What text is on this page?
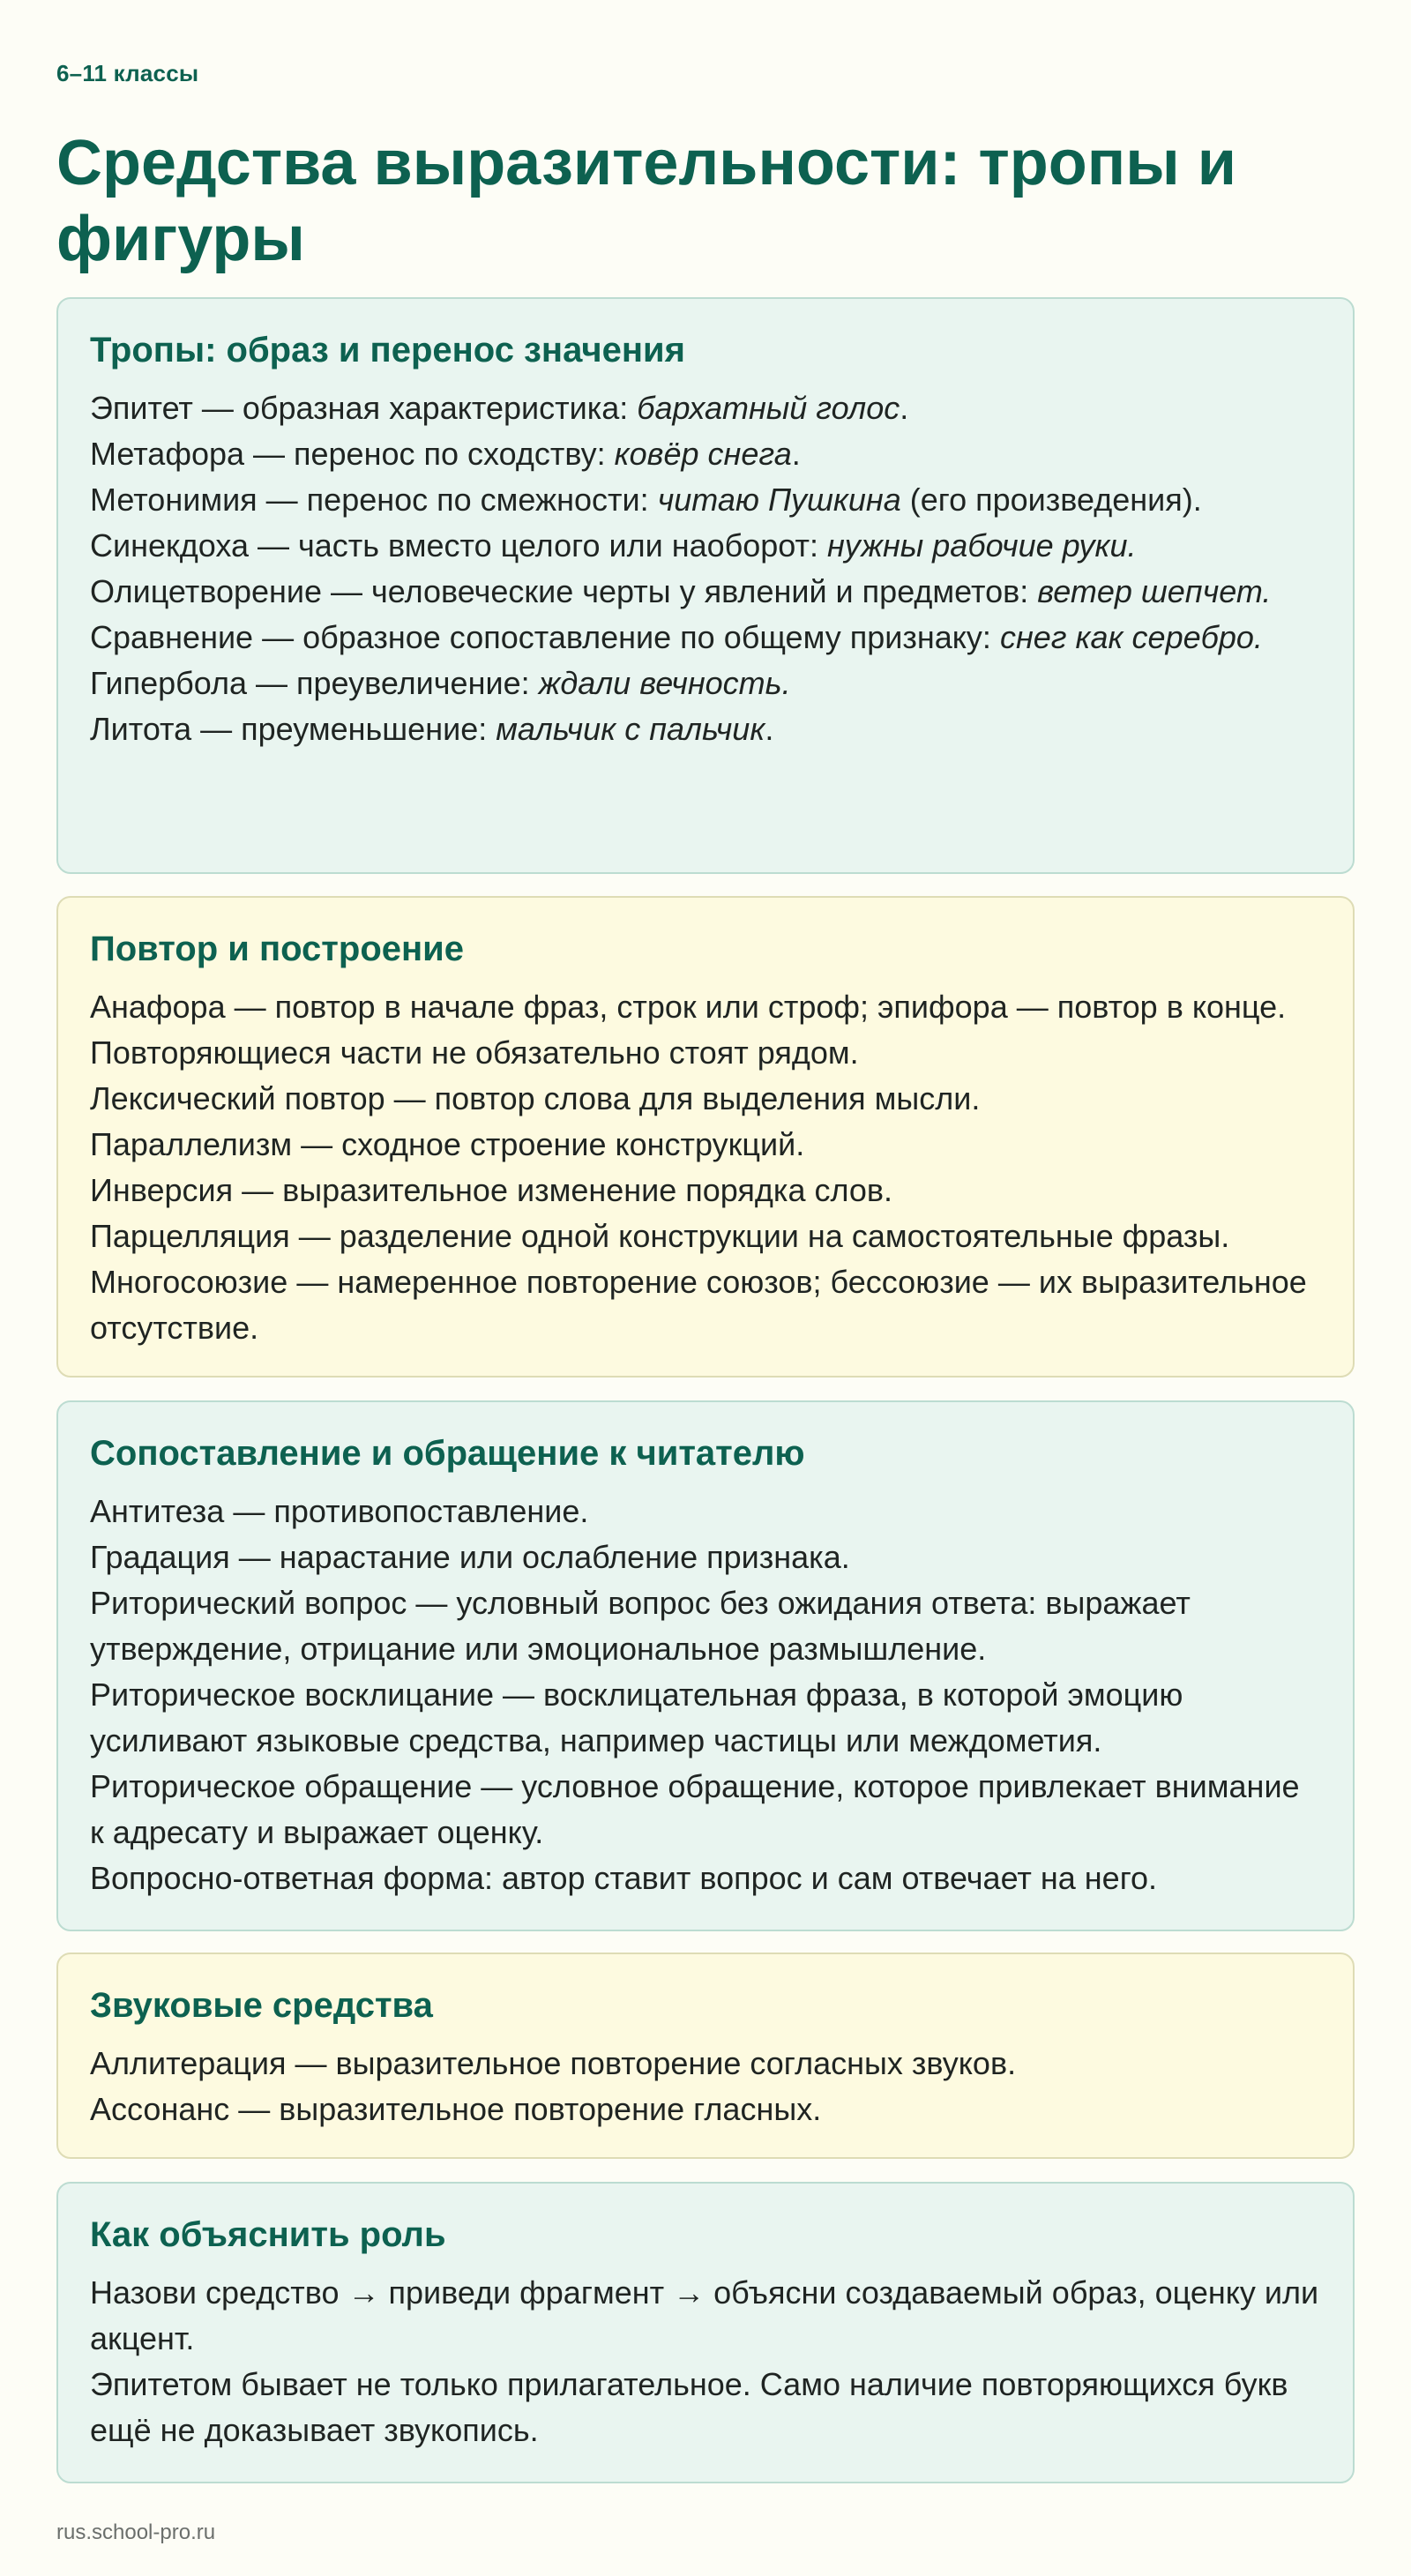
6–11 классы
Средства выразительности: тропы и фигуры
Тропы: образ и перенос значения
Эпитет — образная характеристика: бархатный голос.
Метафора — перенос по сходству: ковёр снега.
Метонимия — перенос по смежности: читаю Пушкина (его произведения).
Синекдоха — часть вместо целого или наоборот: нужны рабочие руки.
Олицетворение — человеческие черты у явлений и предметов: ветер шепчет.
Сравнение — образное сопоставление по общему признаку: снег как серебро.
Гипербола — преувеличение: ждали вечность.
Литота — преуменьшение: мальчик с пальчик.
Повтор и построение
Анафора — повтор в начале фраз, строк или строф; эпифора — повтор в конце. Повторяющиеся части не обязательно стоят рядом.
Лексический повтор — повтор слова для выделения мысли.
Параллелизм — сходное строение конструкций.
Инверсия — выразительное изменение порядка слов.
Парцелляция — разделение одной конструкции на самостоятельные фразы.
Многосоюзие — намеренное повторение союзов; бессоюзие — их выразительное отсутствие.
Сопоставление и обращение к читателю
Антитеза — противопоставление.
Градация — нарастание или ослабление признака.
Риторический вопрос — условный вопрос без ожидания ответа: выражает утверждение, отрицание или эмоциональное размышление.
Риторическое восклицание — восклицательная фраза, в которой эмоцию усиливают языковые средства, например частицы или междометия.
Риторическое обращение — условное обращение, которое привлекает внимание к адресату и выражает оценку.
Вопросно-ответная форма: автор ставит вопрос и сам отвечает на него.
Звуковые средства
Аллитерация — выразительное повторение согласных звуков.
Ассонанс — выразительное повторение гласных.
Как объяснить роль
Назови средство → приведи фрагмент → объясни создаваемый образ, оценку или акцент.
Эпитетом бывает не только прилагательное. Само наличие повторяющихся букв ещё не доказывает звукопись.
rus.school-pro.ru
